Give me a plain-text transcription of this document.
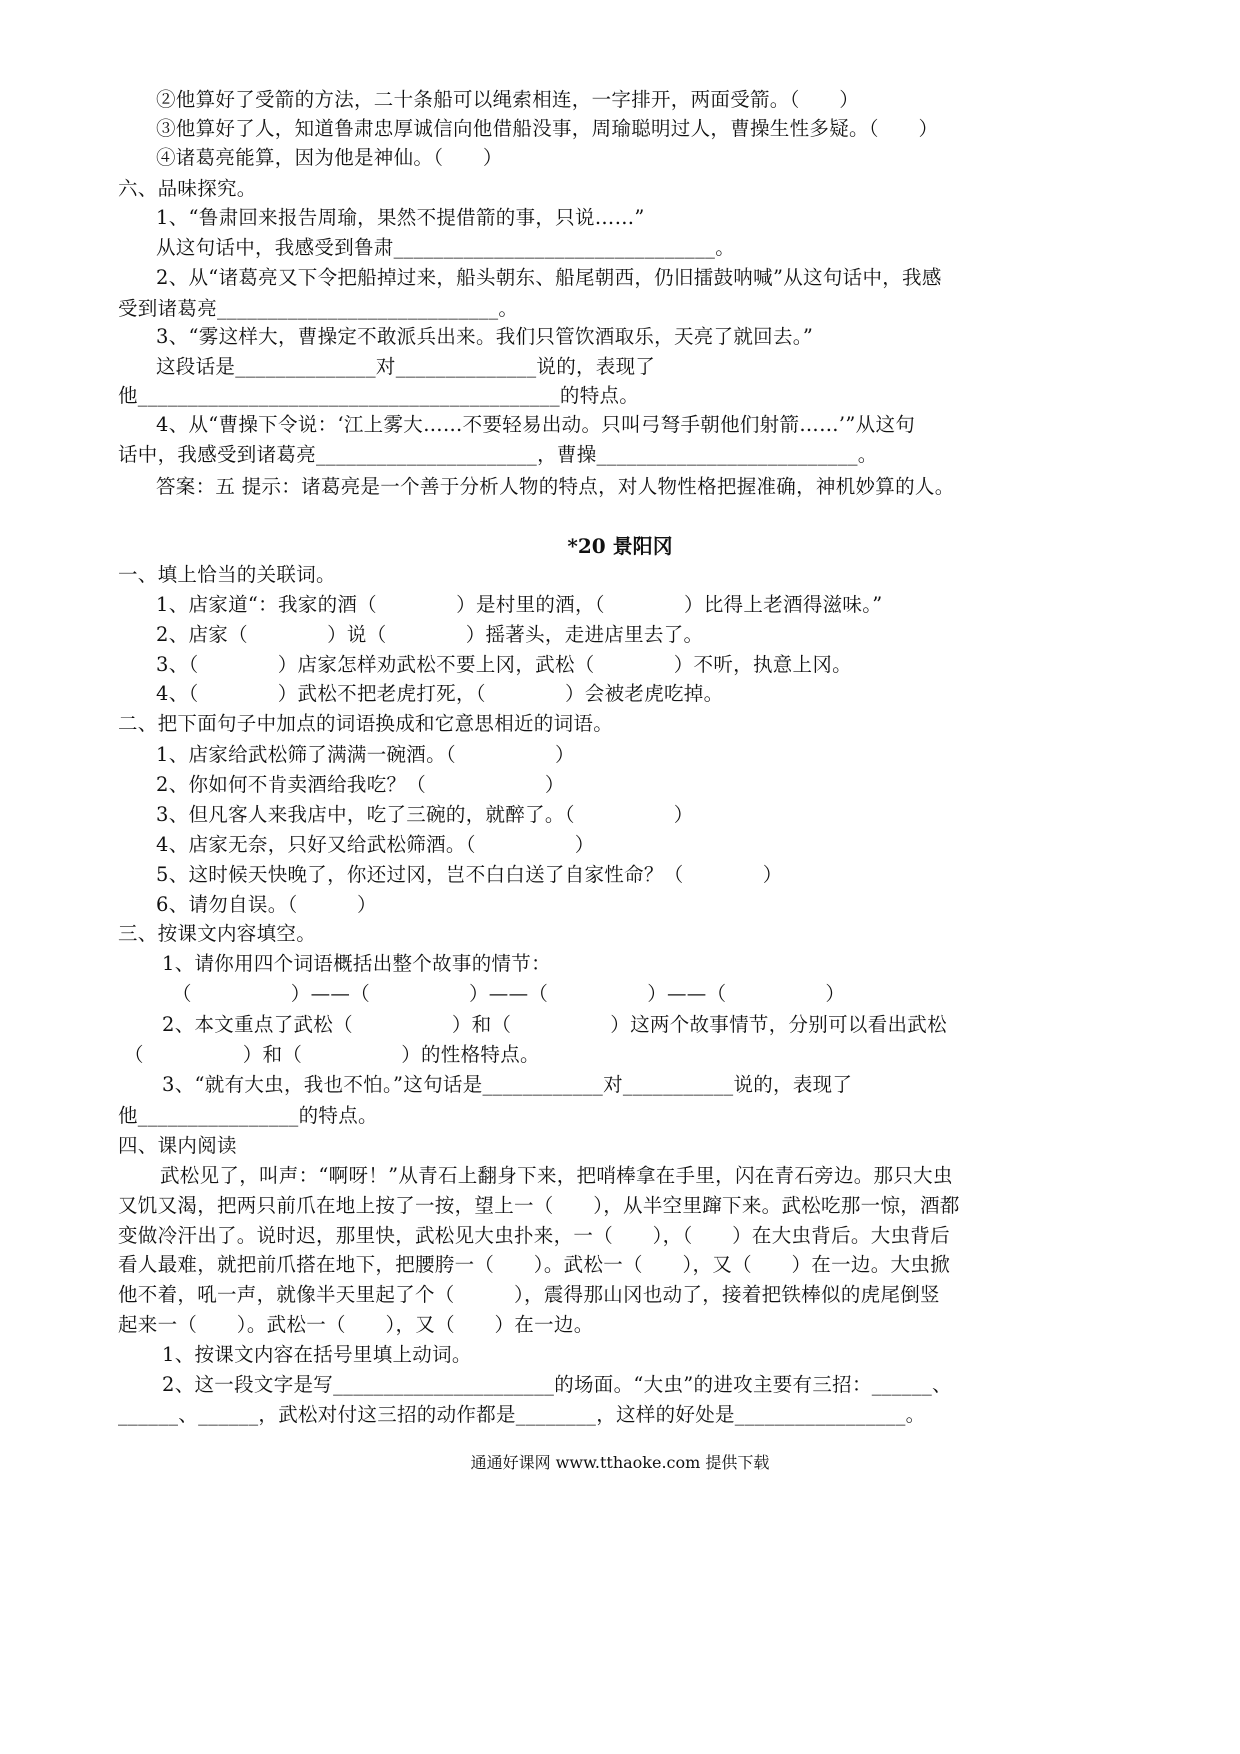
②他算好了受箭的方法，二十条船可以绳索相连，一字排开，两面受箭。（　　）
③他算好了人，知道鲁肃忠厚诚信向他借船没事，周瑜聪明过人，曹操生性多疑。（　　）
④诸葛亮能算，因为他是神仙。（　　）
六、品味探究。
1、“鲁肃回来报告周瑜，果然不提借箭的事，只说……”
从这句话中，我感受到鲁肃________________________________。
2、从“诸葛亮又下令把船掉过来，船头朝东、船尾朝西，仍旧擂鼓呐喊”从这句话中，我感
受到诸葛亮____________________________。
3、“雾这样大，曹操定不敢派兵出来。我们只管饮酒取乐，天亮了就回去。”
这段话是______________对______________说的，表现了
他__________________________________________的特点。
4、从“曹操下令说：‘江上雾大……不要轻易出动。只叫弓弩手朝他们射箭……’”从这句
话中，我感受到诸葛亮______________________，曹操__________________________。
答案：五 提示：诸葛亮是一个善于分析人物的特点，对人物性格把握准确，神机妙算的人。
*20 景阳冈
一、填上恰当的关联词。
1、店家道“：我家的酒（　　　　）是村里的酒，（　　　　）比得上老酒得滋味。”
2、店家（　　　　）说（　　　　）摇著头，走进店里去了。
3、（　　　　）店家怎样劝武松不要上冈，武松（　　　　）不听，执意上冈。
4、（　　　　）武松不把老虎打死，（　　　　）会被老虎吃掉。
二、把下面句子中加点的词语换成和它意思相近的词语。
1、店家给武松筛了满满一碗酒。（　　　　　）
2、你如何不肯卖酒给我吃？（　　　　　　）
3、但凡客人来我店中，吃了三碗的，就醉了。（　　　　　）
4、店家无奈，只好又给武松筛酒。（　　　　　）
5、这时候天快晚了，你还过冈，岂不白白送了自家性命？（　　　　）
6、请勿自误。（　　　）
三、按课文内容填空。
1、请你用四个词语概括出整个故事的情节：
（　　　　　）——（　　　　　）——（　　　　　）——（　　　　　）
2、本文重点了武松（　　　　　）和（　　　　　）这两个故事情节，分别可以看出武松
（　　　　　）和（　　　　　）的性格特点。
3、“就有大虫，我也不怕。”这句话是____________对___________说的，表现了
他________________的特点。
四、课内阅读
武松见了，叫声：“啊呀！”从青石上翻身下来，把哨棒拿在手里，闪在青石旁边。那只大虫
又饥又渴，把两只前爪在地上按了一按，望上一（　　），从半空里蹿下来。武松吃那一惊，酒都
变做冷汗出了。说时迟，那里快，武松见大虫扑来，一（　　），（　　）在大虫背后。大虫背后
看人最难，就把前爪搭在地下，把腰胯一（　　）。武松一（　　），又（　　）在一边。大虫掀
他不着，吼一声，就像半天里起了个（　　　），震得那山冈也动了，接着把铁棒似的虎尾倒竖
起来一（　　）。武松一（　　），又（　　）在一边。
1、按课文内容在括号里填上动词。
2、这一段文字是写______________________的场面。“大虫”的进攻主要有三招：______、
______、______，武松对付这三招的动作都是________，这样的好处是_________________。
通通好课网 www.tthaoke.com 提供下载
